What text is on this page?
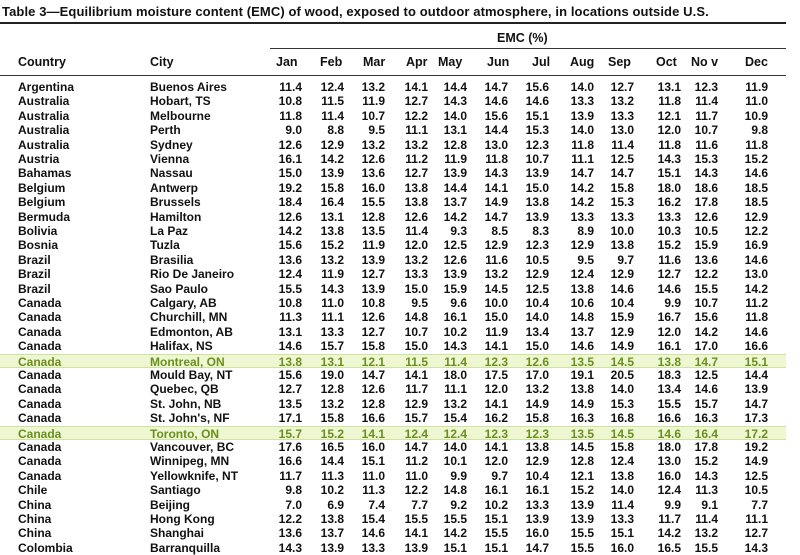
Table 3—Equilibrium moisture content (EMC) of wood, exposed to outdoor atmosphere, in locations outside U.S.
EMC (%)
Country	City	Jan Feb Mar Apr May Jun Jul Aug Sep Oct No v Dec
Argentina	Buenos Aires	11.4	12.4	13.2	14.1	14.4	14.7	15.6	14.0	12.7	13.1	12.3	11.9
Australia	Hobart, TS	10.8	11.5	11.9	12.7	14.3	14.6	14.6	13.3	13.2	11.8	11.4	11.0
Australia	Melbourne	11.8	11.4	10.7	12.2	14.0	15.6	15.1	13.9	13.3	12.1	11.7	10.9
Australia	Perth	9.0	8.8	9.5	11.1	13.1	14.4	15.3	14.0	13.0	12.0	10.7	9.8
Australia	Sydney	12.6	12.9	13.2	13.2	12.8	13.0	12.3	11.8	11.4	11.8	11.6	11.8
Austria	Vienna	16.1	14.2	12.6	11.2	11.9	11.8	10.7	11.1	12.5	14.3	15.3	15.2
Bahamas	Nassau	15.0	13.9	13.6	12.7	13.9	14.3	13.9	14.7	14.7	15.1	14.3	14.6
Belgium	Antwerp	19.2	15.8	16.0	13.8	14.4	14.1	15.0	14.2	15.8	18.0	18.6	18.5
Belgium	Brussels	18.4	16.4	15.5	13.8	13.7	14.9	13.8	14.2	15.3	16.2	17.8	18.5
Bermuda	Hamilton	12.6	13.1	12.8	12.6	14.2	14.7	13.9	13.3	13.3	13.3	12.6	12.9
Bolivia	La Paz	14.2	13.8	13.5	11.4	9.3	8.5	8.3	8.9	10.0	10.3	10.5	12.2
Bosnia	Tuzla	15.6	15.2	11.9	12.0	12.5	12.9	12.3	12.9	13.8	15.2	15.9	16.9
Brazil	Brasilia	13.6	13.2	13.9	13.2	12.6	11.6	10.5	9.5	9.7	11.6	13.6	14.6
Brazil	Rio De Janeiro	12.4	11.9	12.7	13.3	13.9	13.2	12.9	12.4	12.9	12.7	12.2	13.0
Brazil	Sao Paulo	15.5	14.3	13.9	15.0	15.9	14.5	12.5	13.8	14.6	14.6	15.5	14.2
Canada	Calgary, AB	10.8	11.0	10.8	9.5	9.6	10.0	10.4	10.6	10.4	9.9	10.7	11.2
Canada	Churchill, MN	11.3	11.1	12.6	14.8	16.1	15.0	14.0	14.8	15.9	16.7	15.6	11.8
Canada	Edmonton, AB	13.1	13.3	12.7	10.7	10.2	11.9	13.4	13.7	12.9	12.0	14.2	14.6
Canada	Halifax, NS	14.6	15.7	15.8	15.0	14.3	14.1	15.0	14.6	14.9	16.1	17.0	16.6
Canada	Montreal, ON	13.8	13.1	12.1	11.5	11.4	12.3	12.6	13.5	14.5	13.8	14.7	15.1
Canada	Mould Bay, NT	15.6	19.0	14.7	14.1	18.0	17.5	17.0	19.1	20.5	18.3	12.5	14.4
Canada	Quebec, QB	12.7	12.8	12.6	11.7	11.1	12.0	13.2	13.8	14.0	13.4	14.6	13.9
Canada	St. John, NB	13.5	13.2	12.8	12.9	13.2	14.1	14.9	14.9	15.3	15.5	15.7	14.7
Canada	St. John's, NF	17.1	15.8	16.6	15.7	15.4	16.2	15.8	16.3	16.8	16.6	16.3	17.3
Canada	Toronto, ON	15.7	15.2	14.1	12.4	12.4	12.3	12.3	13.5	14.5	14.6	16.4	17.2
Canada	Vancouver, BC	17.6	16.5	16.0	14.7	14.0	14.1	13.8	14.5	15.8	18.0	17.8	19.2
Canada	Winnipeg, MN	16.6	14.4	15.1	11.2	10.1	12.0	12.9	12.8	12.4	13.0	15.2	14.9
Canada	Yellowknife, NT	11.7	11.3	11.0	11.0	9.9	9.7	10.4	12.1	13.8	16.0	14.3	12.5
Chile	Santiago	9.8	10.2	11.3	12.2	14.8	16.1	16.1	15.2	14.0	12.4	11.3	10.5
China	Beijing	7.0	6.9	7.4	7.7	9.2	10.2	13.3	13.9	11.4	9.9	9.1	7.7
China	Hong Kong	12.2	13.8	15.4	15.5	15.5	15.1	13.9	13.9	13.3	11.7	11.4	11.1
China	Shanghai	13.6	13.7	14.6	14.1	14.2	15.5	16.0	15.5	15.1	14.2	13.2	12.7
Colombia	Barranquilla	14.3	13.9	13.3	13.9	15.1	15.1	14.7	15.5	16.0	16.5	15.5	14.3
